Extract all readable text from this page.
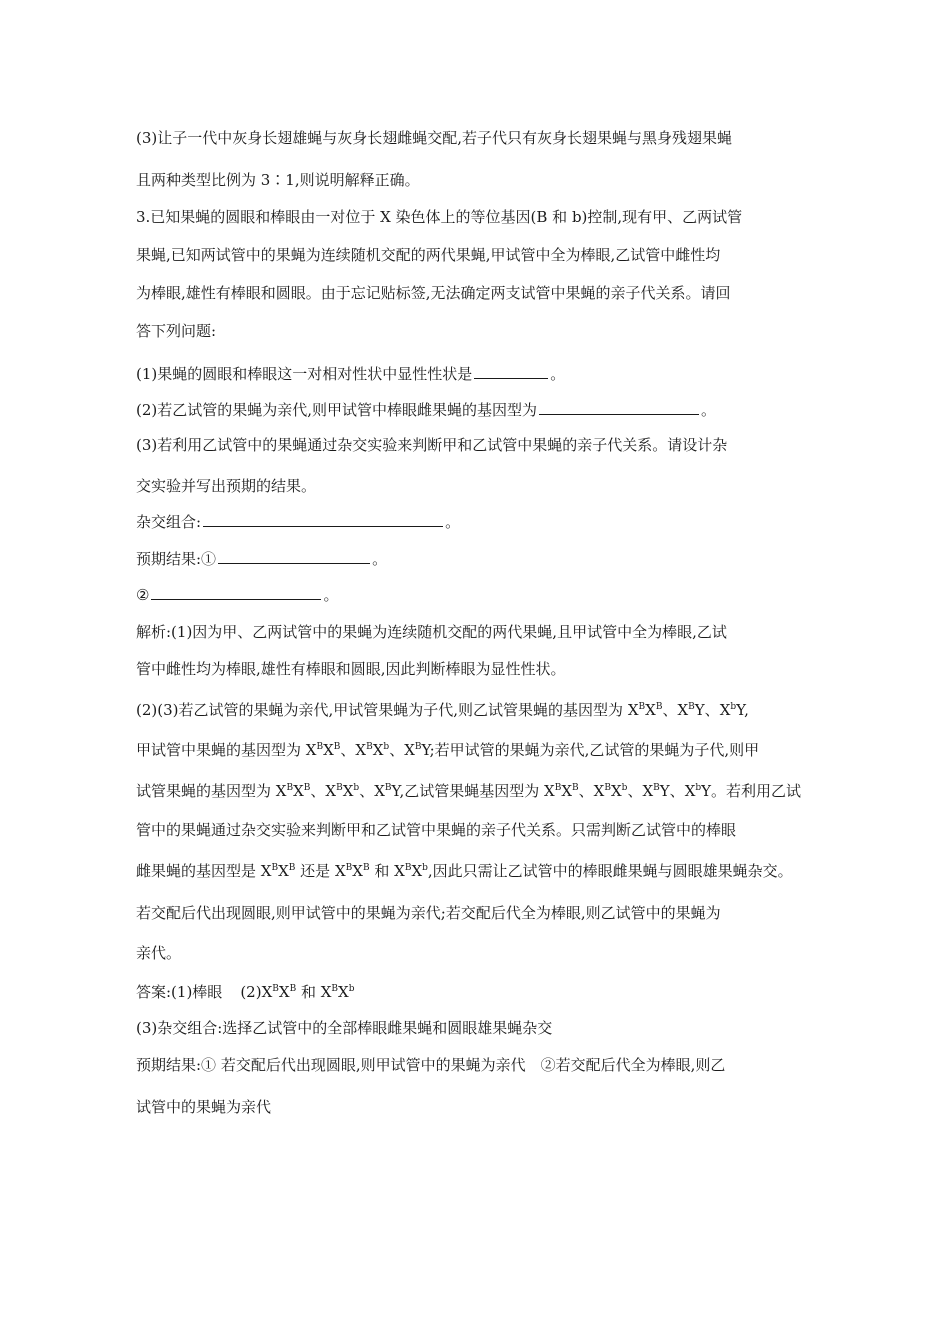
(3)让子一代中灰身长翅雄蝇与灰身长翅雌蝇交配,若子代只有灰身长翅果蝇与黑身残翅果蝇
且两种类型比例为 3∶1,则说明解释正确。
3.已知果蝇的圆眼和棒眼由一对位于 X 染色体上的等位基因(B 和 b)控制,现有甲、乙两试管
果蝇,已知两试管中的果蝇为连续随机交配的两代果蝇,甲试管中全为棒眼,乙试管中雌性均
为棒眼,雄性有棒眼和圆眼。由于忘记贴标签,无法确定两支试管中果蝇的亲子代关系。请回
答下列问题:
(1)果蝇的圆眼和棒眼这一对相对性状中显性性状是	。
(2)若乙试管的果蝇为亲代,则甲试管中棒眼雌果蝇的基因型为	。
(3)若利用乙试管中的果蝇通过杂交实验来判断甲和乙试管中果蝇的亲子代关系。请设计杂
交实验并写出预期的结果。
杂交组合:	。
预期结果:①	。
②	。
解析:(1)因为甲、乙两试管中的果蝇为连续随机交配的两代果蝇,且甲试管中全为棒眼,乙试
管中雌性均为棒眼,雄性有棒眼和圆眼,因此判断棒眼为显性性状。
(2)(3)若乙试管的果蝇为亲代,甲试管果蝇为子代,则乙试管果蝇的基因型为 $X^BX^B$、$X^BY$、$X^bY$,
甲试管中果蝇的基因型为 $X^BX^B$、$X^BX^b$、$X^BY$;若甲试管的果蝇为亲代,乙试管的果蝇为子代,则甲
试管果蝇的基因型为 $X^BX^B$、$X^BX^b$、$X^BY$,乙试管果蝇基因型为 $X^BX^B$、$X^BX^b$、$X^BY$、$X^bY$。若利用乙试
管中的果蝇通过杂交实验来判断甲和乙试管中果蝇的亲子代关系。只需判断乙试管中的棒眼
雌果蝇的基因型是 $X^BX^B$ 还是 $X^BX^B$ 和 $X^BX^b$,因此只需让乙试管中的棒眼雌果蝇与圆眼雄果蝇杂交。
若交配后代出现圆眼,则甲试管中的果蝇为亲代;若交配后代全为棒眼,则乙试管中的果蝇为
亲代。
答案:(1)棒眼 $(2)X^BX^B$ 和 $X^BX^b$
(3)杂交组合:选择乙试管中的全部棒眼雌果蝇和圆眼雄果蝇杂交
预期结果:① 若交配后代出现圆眼,则甲试管中的果蝇为亲代　②若交配后代全为棒眼,则乙
试管中的果蝇为亲代
